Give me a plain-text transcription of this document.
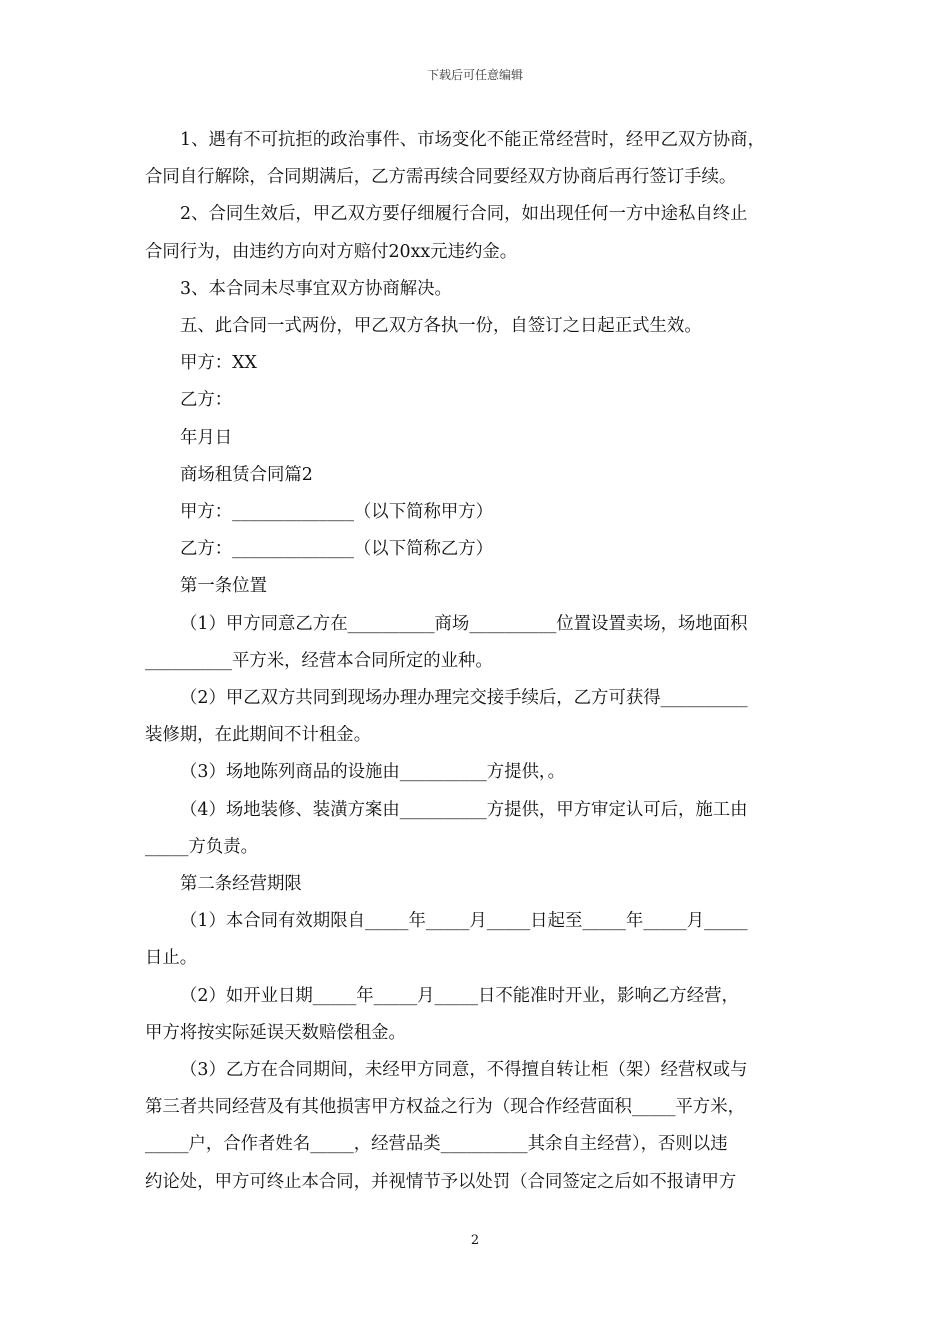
下载后可任意编辑

1、遇有不可抗拒的政治事件、市场变化不能正常经营时，经甲乙双方协商，

合同自行解除，合同期满后，乙方需再续合同要经双方协商后再行签订手续。

2、合同生效后，甲乙双方要仔细履行合同，如出现任何一方中途私自终止

合同行为，由违约方向对方赔付20xx元违约金。

3、本合同未尽事宜双方协商解决。

五、此合同一式两份，甲乙双方各执一份，自签订之日起正式生效。

甲方：XX

乙方：

年月日

商场租赁合同篇2

甲方：______________（以下简称甲方）

乙方：______________（以下简称乙方）

第一条位置

（1）甲方同意乙方在__________商场__________位置设置卖场，场地面积

__________平方米，经营本合同所定的业种。

（2）甲乙双方共同到现场办理办理完交接手续后，乙方可获得__________

装修期，在此期间不计租金。

（3）场地陈列商品的设施由__________方提供，。

（4）场地装修、装潢方案由__________方提供，甲方审定认可后，施工由

_____方负责。

第二条经营期限

（1）本合同有效期限自_____年_____月_____日起至_____年_____月_____

日止。

（2）如开业日期_____年_____月_____日不能准时开业，影响乙方经营，

甲方将按实际延误天数赔偿租金。

（3）乙方在合同期间，未经甲方同意，不得擅自转让柜（架）经营权或与

第三者共同经营及有其他损害甲方权益之行为（现合作经营面积_____平方米，

_____户，合作者姓名_____，经营品类__________其余自主经营），否则以违

约论处，甲方可终止本合同，并视情节予以处罚（合同签定之后如不报请甲方

2
